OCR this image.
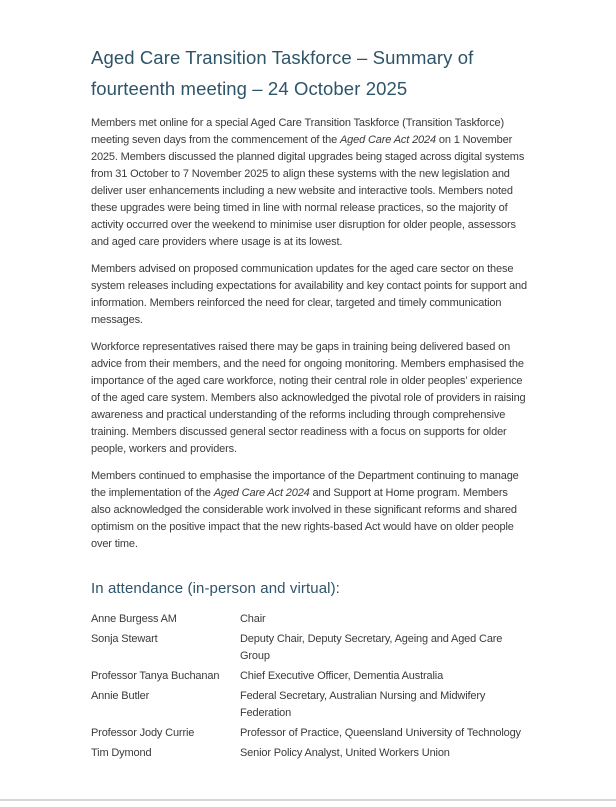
Aged Care Transition Taskforce – Summary of fourteenth meeting – 24 October 2025

Members met online for a special Aged Care Transition Taskforce (Transition Taskforce) meeting seven days from the commencement of the Aged Care Act 2024 on 1 November 2025. Members discussed the planned digital upgrades being staged across digital systems from 31 October to 7 November 2025 to align these systems with the new legislation and deliver user enhancements including a new website and interactive tools. Members noted these upgrades were being timed in line with normal release practices, so the majority of activity occurred over the weekend to minimise user disruption for older people, assessors and aged care providers where usage is at its lowest.

Members advised on proposed communication updates for the aged care sector on these system releases including expectations for availability and key contact points for support and information. Members reinforced the need for clear, targeted and timely communication messages.

Workforce representatives raised there may be gaps in training being delivered based on advice from their members, and the need for ongoing monitoring. Members emphasised the importance of the aged care workforce, noting their central role in older peoples’ experience of the aged care system. Members also acknowledged the pivotal role of providers in raising awareness and practical understanding of the reforms including through comprehensive training. Members discussed general sector readiness with a focus on supports for older people, workers and providers.

Members continued to emphasise the importance of the Department continuing to manage the implementation of the Aged Care Act 2024 and Support at Home program. Members also acknowledged the considerable work involved in these significant reforms and shared optimism on the positive impact that the new rights-based Act would have on older people over time.

In attendance (in-person and virtual):
Anne Burgess AM	Chair
Sonja Stewart	Deputy Chair, Deputy Secretary, Ageing and Aged Care Group
Professor Tanya Buchanan	Chief Executive Officer, Dementia Australia
Annie Butler	Federal Secretary, Australian Nursing and Midwifery Federation
Professor Jody Currie	Professor of Practice, Queensland University of Technology
Tim Dymond	Senior Policy Analyst, United Workers Union
